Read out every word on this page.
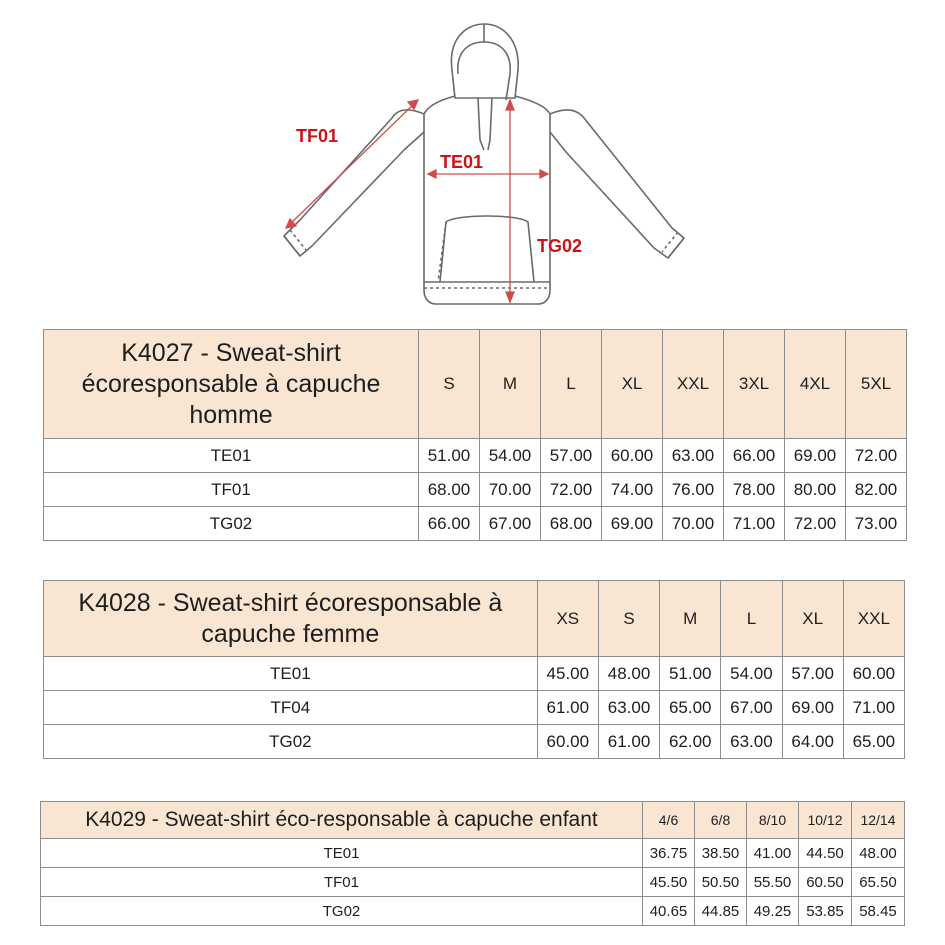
TF01
TE01
TG02
K4027 - Sweat-shirt écoresponsable à capuche homme	S	M	L	XL	XXL	3XL	4XL	5XL
TE01	51.00	54.00	57.00	60.00	63.00	66.00	69.00	72.00
TF01	68.00	70.00	72.00	74.00	76.00	78.00	80.00	82.00
TG02	66.00	67.00	68.00	69.00	70.00	71.00	72.00	73.00
K4028 - Sweat-shirt écoresponsable à capuche femme	XS	S	M	L	XL	XXL
TE01	45.00	48.00	51.00	54.00	57.00	60.00
TF04	61.00	63.00	65.00	67.00	69.00	71.00
TG02	60.00	61.00	62.00	63.00	64.00	65.00
K4029 - Sweat-shirt éco-responsable à capuche enfant	4/6	6/8	8/10	10/12	12/14
TE01	36.75	38.50	41.00	44.50	48.00
TF01	45.50	50.50	55.50	60.50	65.50
TG02	40.65	44.85	49.25	53.85	58.45
